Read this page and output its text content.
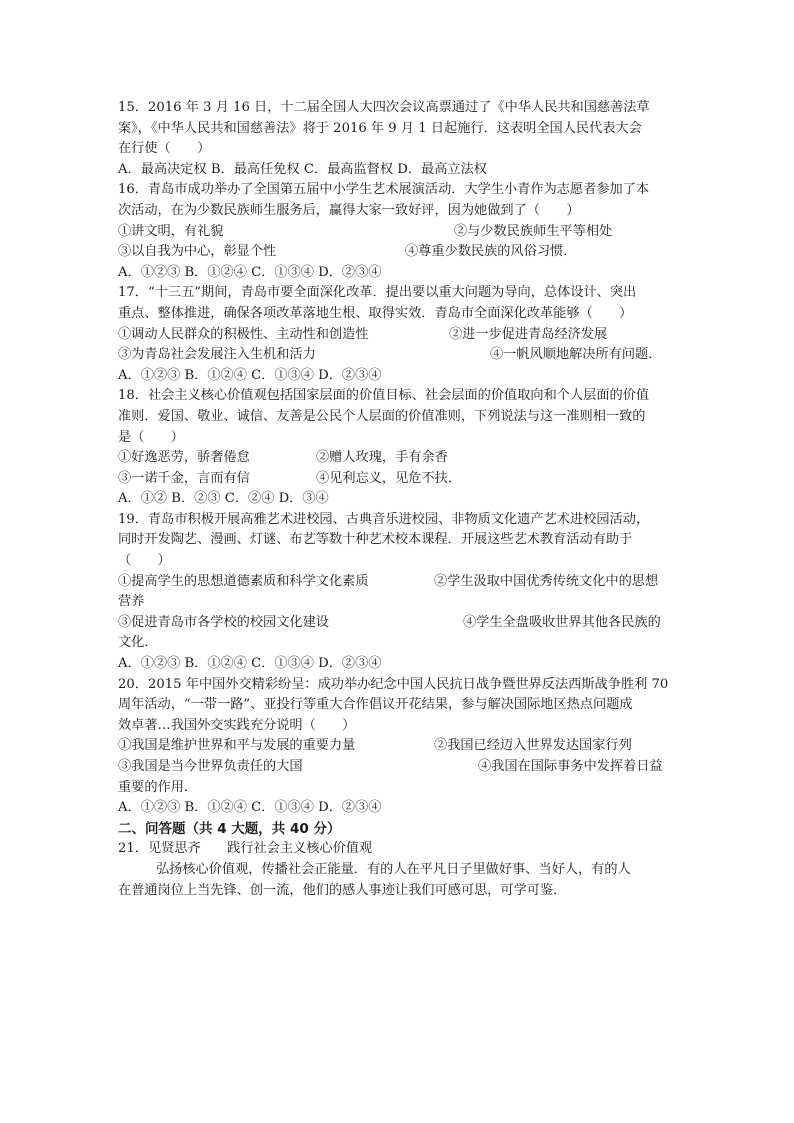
15．2016 年 3 月 16 日，十二届全国人大四次会议高票通过了《中华人民共和国慈善法草
案》，《中华人民共和国慈善法》将于 2016 年 9 月 1 日起施行．这表明全国人民代表大会
在行使（　　）
A．最高决定权 B．最高任免权 C．最高监督权 D．最高立法权
16．青岛市成功举办了全国第五届中小学生艺术展演活动．大学生小青作为志愿者参加了本
次活动，在为少数民族师生服务后，赢得大家一致好评，因为她做到了（　　）
①讲文明，有礼貌	②与少数民族师生平等相处
③以自我为中心，彰显个性	④尊重少数民族的风俗习惯．
A．①②③ B．①②④ C．①③④ D．②③④
17．“十三五”期间，青岛市要全面深化改革．提出要以重大问题为导向，总体设计、突出
重点、整体推进，确保各项改革落地生根、取得实效．青岛市全面深化改革能够（　　）
①调动人民群众的积极性、主动性和创造性	②进一步促进青岛经济发展
③为青岛社会发展注入生机和活力	④一帆风顺地解决所有问题．
A．①②③ B．①②④ C．①③④ D．②③④
18．社会主义核心价值观包括国家层面的价值目标、社会层面的价值取向和个人层面的价值
准则．爱国、敬业、诚信、友善是公民个人层面的价值准则，下列说法与这一准则相一致的
是（　　）
①好逸恶劳，骄奢倦怠	②赠人玫瑰，手有余香
③一诺千金，言而有信	④见利忘义，见危不扶．
A．①② B．②③ C．②④ D．③④
19．青岛市积极开展高雅艺术进校园、古典音乐进校园、非物质文化遗产艺术进校园活动，
同时开发陶艺、漫画、灯谜、布艺等数十种艺术校本课程．开展这些艺术教育活动有助于
（　　）
①提高学生的思想道德素质和科学文化素质	②学生汲取中国优秀传统文化中的思想
营养
③促进青岛市各学校的校园文化建设	④学生全盘吸收世界其他各民族的
文化．
A．①②③ B．①②④ C．①③④ D．②③④
20．2015 年中国外交精彩纷呈：成功举办纪念中国人民抗日战争暨世界反法西斯战争胜利 70
周年活动，“一带一路”、亚投行等重大合作倡议开花结果，参与解决国际地区热点问题成
效卓著…我国外交实践充分说明（　　）
①我国是维护世界和平与发展的重要力量	②我国已经迈入世界发达国家行列
③我国是当今世界负责任的大国	④我国在国际事务中发挥着日益
重要的作用．
A．①②③ B．①②④ C．①③④ D．②③④
二、问答题（共 4 大题，共 40 分）
21．见贤思齐　　践行社会主义核心价值观
弘扬核心价值观，传播社会正能量．有的人在平凡日子里做好事、当好人，有的人
在普通岗位上当先锋、创一流，他们的感人事迹让我们可感可思，可学可鉴．
